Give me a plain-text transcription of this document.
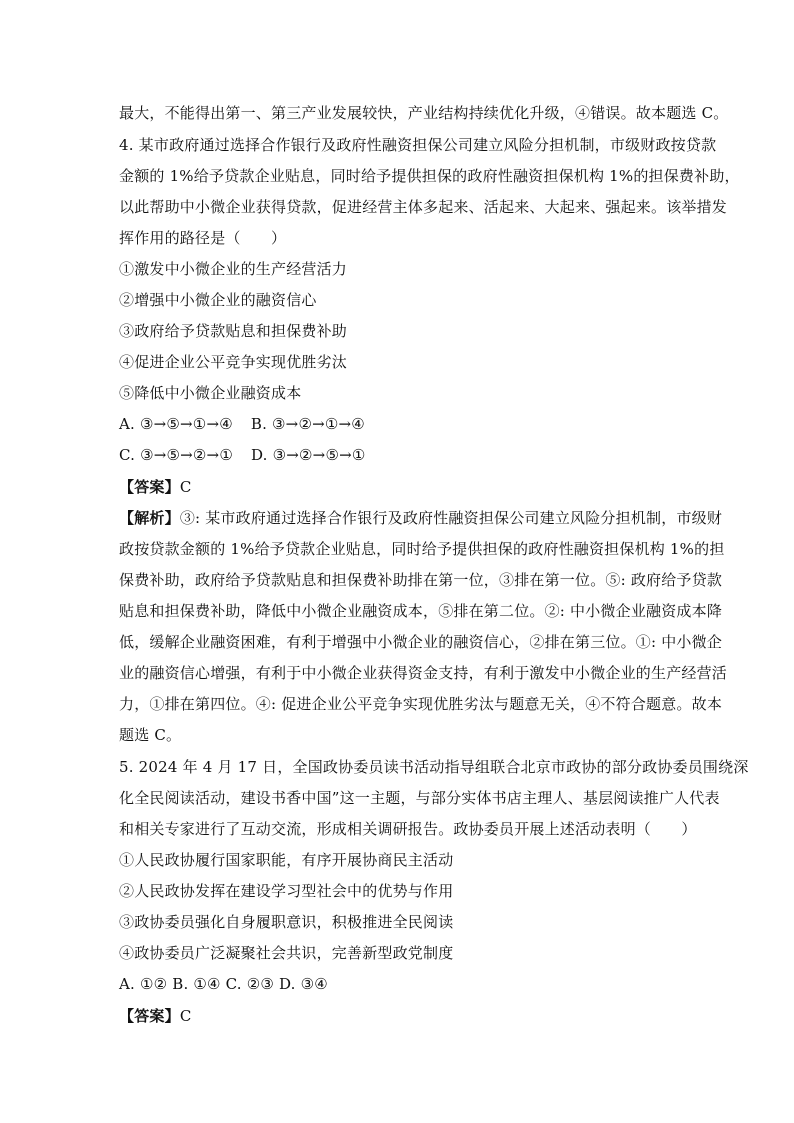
最大，不能得出第一、第三产业发展较快，产业结构持续优化升级，④错误。故本题选 C。
4. 某市政府通过选择合作银行及政府性融资担保公司建立风险分担机制，市级财政按贷款
金额的 1%给予贷款企业贴息，同时给予提供担保的政府性融资担保机构 1%的担保费补助，
以此帮助中小微企业获得贷款，促进经营主体多起来、活起来、大起来、强起来。该举措发
挥作用的路径是（　　）
①激发中小微企业的生产经营活力
②增强中小微企业的融资信心
③政府给予贷款贴息和担保费补助
④促进企业公平竞争实现优胜劣汰
⑤降低中小微企业融资成本
A. ③→⑤→①→④ B. ③→②→①→④
C. ③→⑤→②→① D. ③→②→⑤→①
【答案】C
【解析】③: 某市政府通过选择合作银行及政府性融资担保公司建立风险分担机制，市级财
政按贷款金额的 1%给予贷款企业贴息，同时给予提供担保的政府性融资担保机构 1%的担
保费补助，政府给予贷款贴息和担保费补助排在第一位，③排在第一位。⑤: 政府给予贷款
贴息和担保费补助，降低中小微企业融资成本，⑤排在第二位。②: 中小微企业融资成本降
低，缓解企业融资困难，有利于增强中小微企业的融资信心，②排在第三位。①: 中小微企
业的融资信心增强，有利于中小微企业获得资金支持，有利于激发中小微企业的生产经营活
力，①排在第四位。④: 促进企业公平竞争实现优胜劣汰与题意无关，④不符合题意。故本
题选 C。
5. 2024 年 4 月 17 日，全国政协委员读书活动指导组联合北京市政协的部分政协委员围绕深
化全民阅读活动，建设书香中国”这一主题，与部分实体书店主理人、基层阅读推广人代表
和相关专家进行了互动交流，形成相关调研报告。政协委员开展上述活动表明（　　）
①人民政协履行国家职能，有序开展协商民主活动
②人民政协发挥在建设学习型社会中的优势与作用
③政协委员强化自身履职意识，积极推进全民阅读
④政协委员广泛凝聚社会共识，完善新型政党制度
A. ①② B. ①④ C. ②③ D. ③④
【答案】C
